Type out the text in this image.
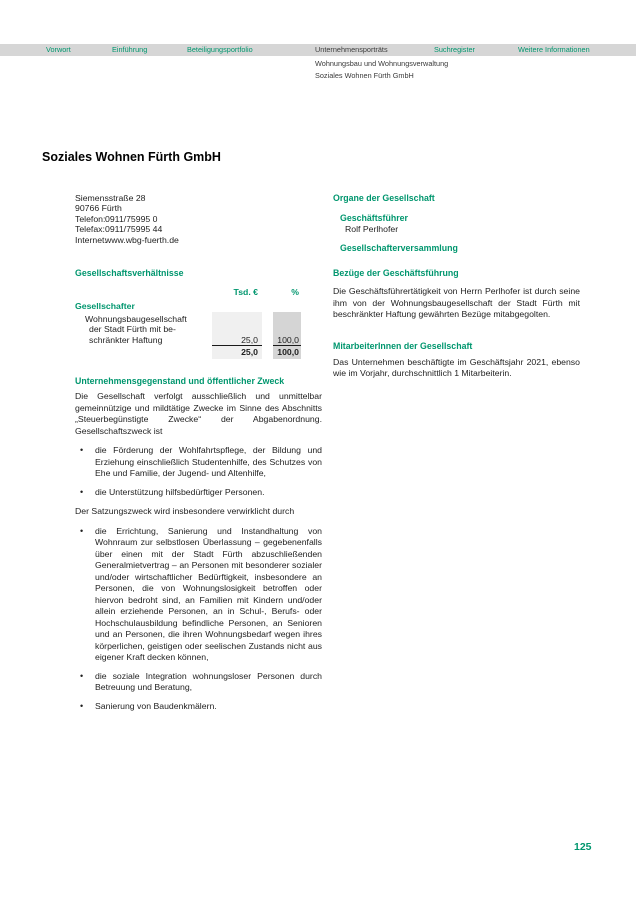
Vorwort	Einführung	Beteiligungsportfolio	Unternehmensporträts	Suchregister	Weitere Informationen
Wohnungsbau und Wohnungsverwaltung
Soziales Wohnen Fürth GmbH
Soziales Wohnen Fürth GmbH
Siemensstraße 28
90766 Fürth
Telefon:0911/75995 0
Telefax:0911/75995 44
Internet:www.wbg-fuerth.de
Gesellschaftsverhältnisse
Tsd. €	%
Gesellschafter
Wohnungsbaugesellschaft
der Stadt Fürth mit be-
schränkter Haftung	25,0 100,0
25,0	100,0
Unternehmensgegenstand und öffentlicher Zweck

Die Gesellschaft verfolgt ausschließlich und unmittelbar gemeinnützige und mildtätige Zwecke im Sinne des Abschnitts „Steuerbegünstigte Zwecke“ der Abgabenordnung. Gesellschaftszweck ist

• die Förderung der Wohlfahrtspflege, der Bildung und Erziehung einschließlich Studentenhilfe, des Schutzes von Ehe und Familie, der Jugend- und Altenhilfe,
• die Unterstützung hilfsbedürftiger Personen.

Der Satzungszweck wird insbesondere verwirklicht durch

• die Errichtung, Sanierung und Instandhaltung von Wohnraum zur selbstlosen Überlassung – gegebenenfalls über einen mit der Stadt Fürth abzuschließenden Generalmietvertrag – an Personen mit besonderer sozialer und/oder wirtschaftlicher Bedürftigkeit, insbesondere an Personen, die von Wohnungslosigkeit betroffen oder hiervon bedroht sind, an Familien mit Kindern und/oder allein erziehende Personen, an in Schul-, Berufs- oder Hochschulausbildung befindliche Personen, an Senioren und an Personen, die ihren Wohnungsbedarf wegen ihres körperlichen, geistigen oder seelischen Zustands nicht aus eigener Kraft decken können,
• die soziale Integration wohnungsloser Personen durch Betreuung und Beratung,
• Sanierung von Baudenkmälern.
Organe der Gesellschaft
Geschäftsführer
Rolf Perlhofer
Gesellschafterversammlung
Bezüge der Geschäftsführung

Die Geschäftsführertätigkeit von Herrn Perlhofer ist durch seine ihm von der Wohnungsbaugesellschaft der Stadt Fürth mit beschränkter Haftung gewährten Bezüge mitabgegolten.

MitarbeiterInnen der Gesellschaft

Das Unternehmen beschäftigte im Geschäftsjahr 2021, ebenso wie im Vorjahr, durchschnittlich 1 Mitarbeiterin.

125
